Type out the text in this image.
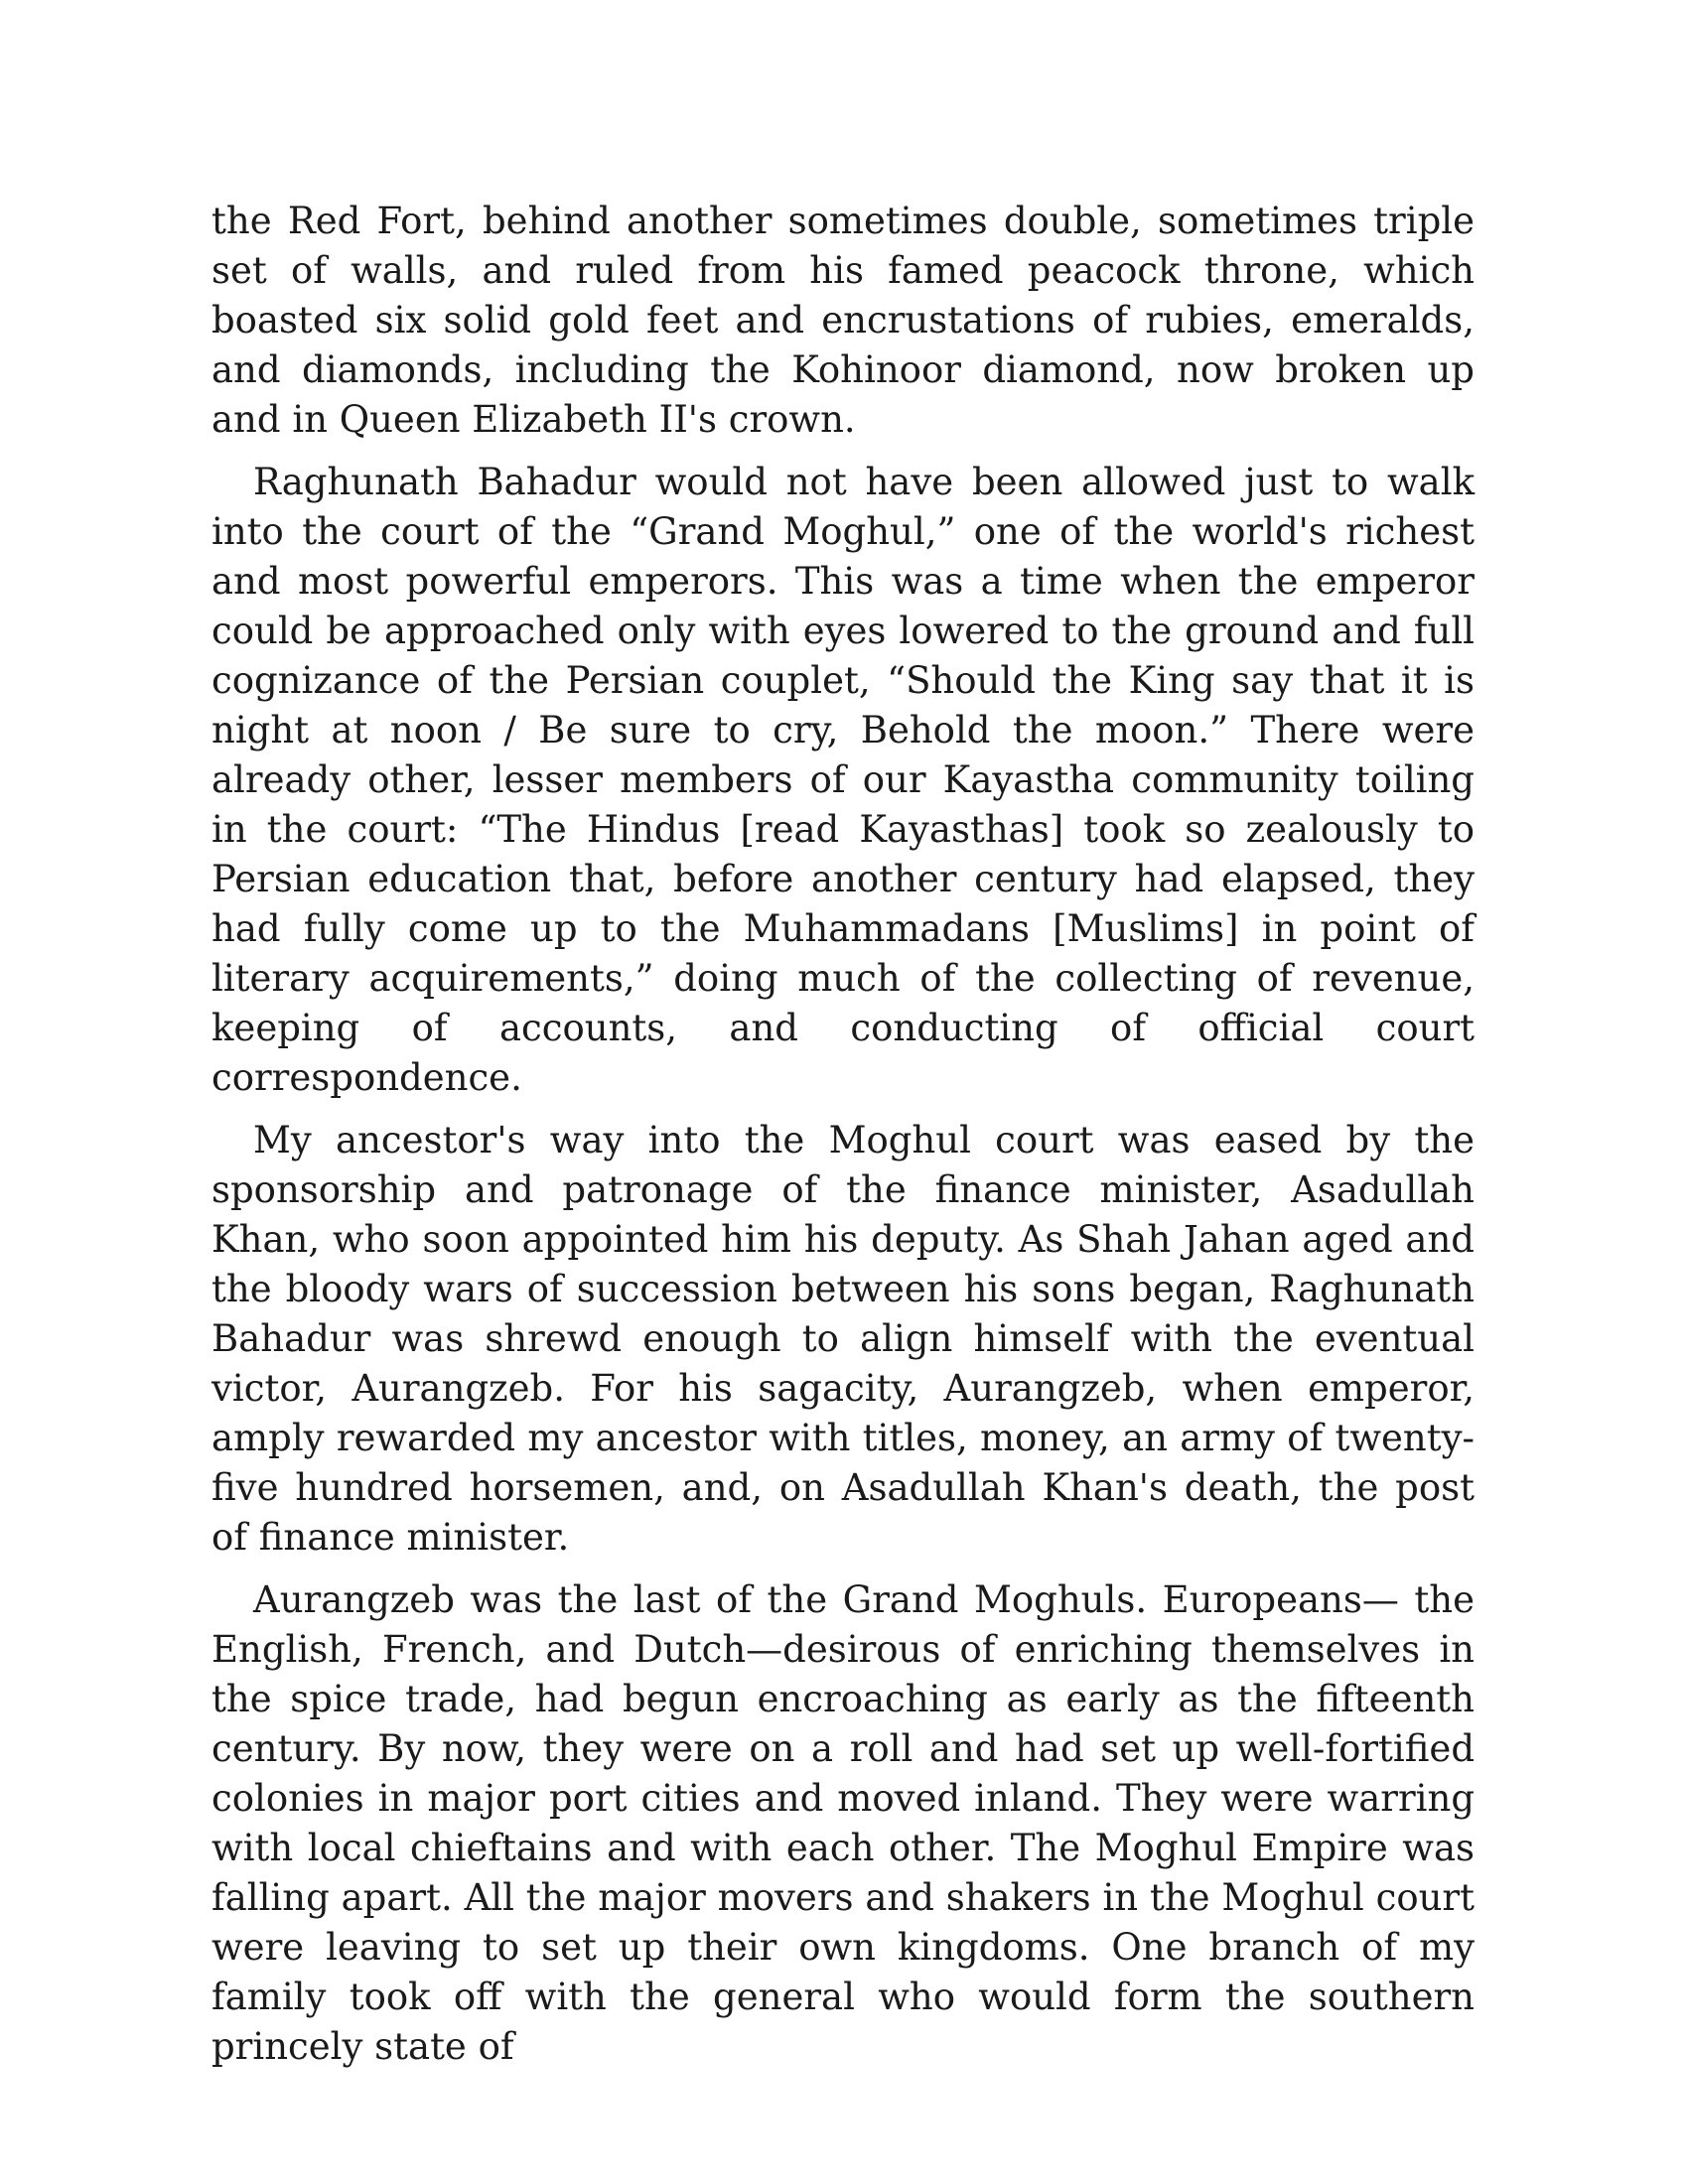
the Red Fort, behind another sometimes double, sometimes triple set of walls, and ruled from his famed peacock throne, which boasted six solid gold feet and encrustations of rubies, emeralds, and diamonds, including the Kohinoor diamond, now broken up and in Queen Elizabeth II's crown.

Raghunath Bahadur would not have been allowed just to walk into the court of the “Grand Moghul,” one of the world's richest and most powerful emperors. This was a time when the emperor could be approached only with eyes lowered to the ground and full cognizance of the Persian couplet, “Should the King say that it is night at noon / Be sure to cry, Behold the moon.” There were already other, lesser members of our Kayastha community toiling in the court: “The Hindus [read Kayasthas] took so zealously to Persian education that, before another century had elapsed, they had fully come up to the Muhammadans [Muslims] in point of literary acquirements,” doing much of the collecting of revenue, keeping of accounts, and conducting of official court correspondence.

My ancestor's way into the Moghul court was eased by the sponsorship and patronage of the finance minister, Asadullah Khan, who soon appointed him his deputy. As Shah Jahan aged and the bloody wars of succession between his sons began, Raghunath Bahadur was shrewd enough to align himself with the eventual victor, Aurangzeb. For his sagacity, Aurangzeb, when emperor, amply rewarded my ancestor with titles, money, an army of twenty-five hundred horsemen, and, on Asadullah Khan's death, the post of finance minister.

Aurangzeb was the last of the Grand Moghuls. Europeans— the English, French, and Dutch—desirous of enriching themselves in the spice trade, had begun encroaching as early as the fifteenth century. By now, they were on a roll and had set up well-fortified colonies in major port cities and moved inland. They were warring with local chieftains and with each other. The Moghul Empire was falling apart. All the major movers and shakers in the Moghul court were leaving to set up their own kingdoms. One branch of my family took off with the general who would form the southern princely state of
